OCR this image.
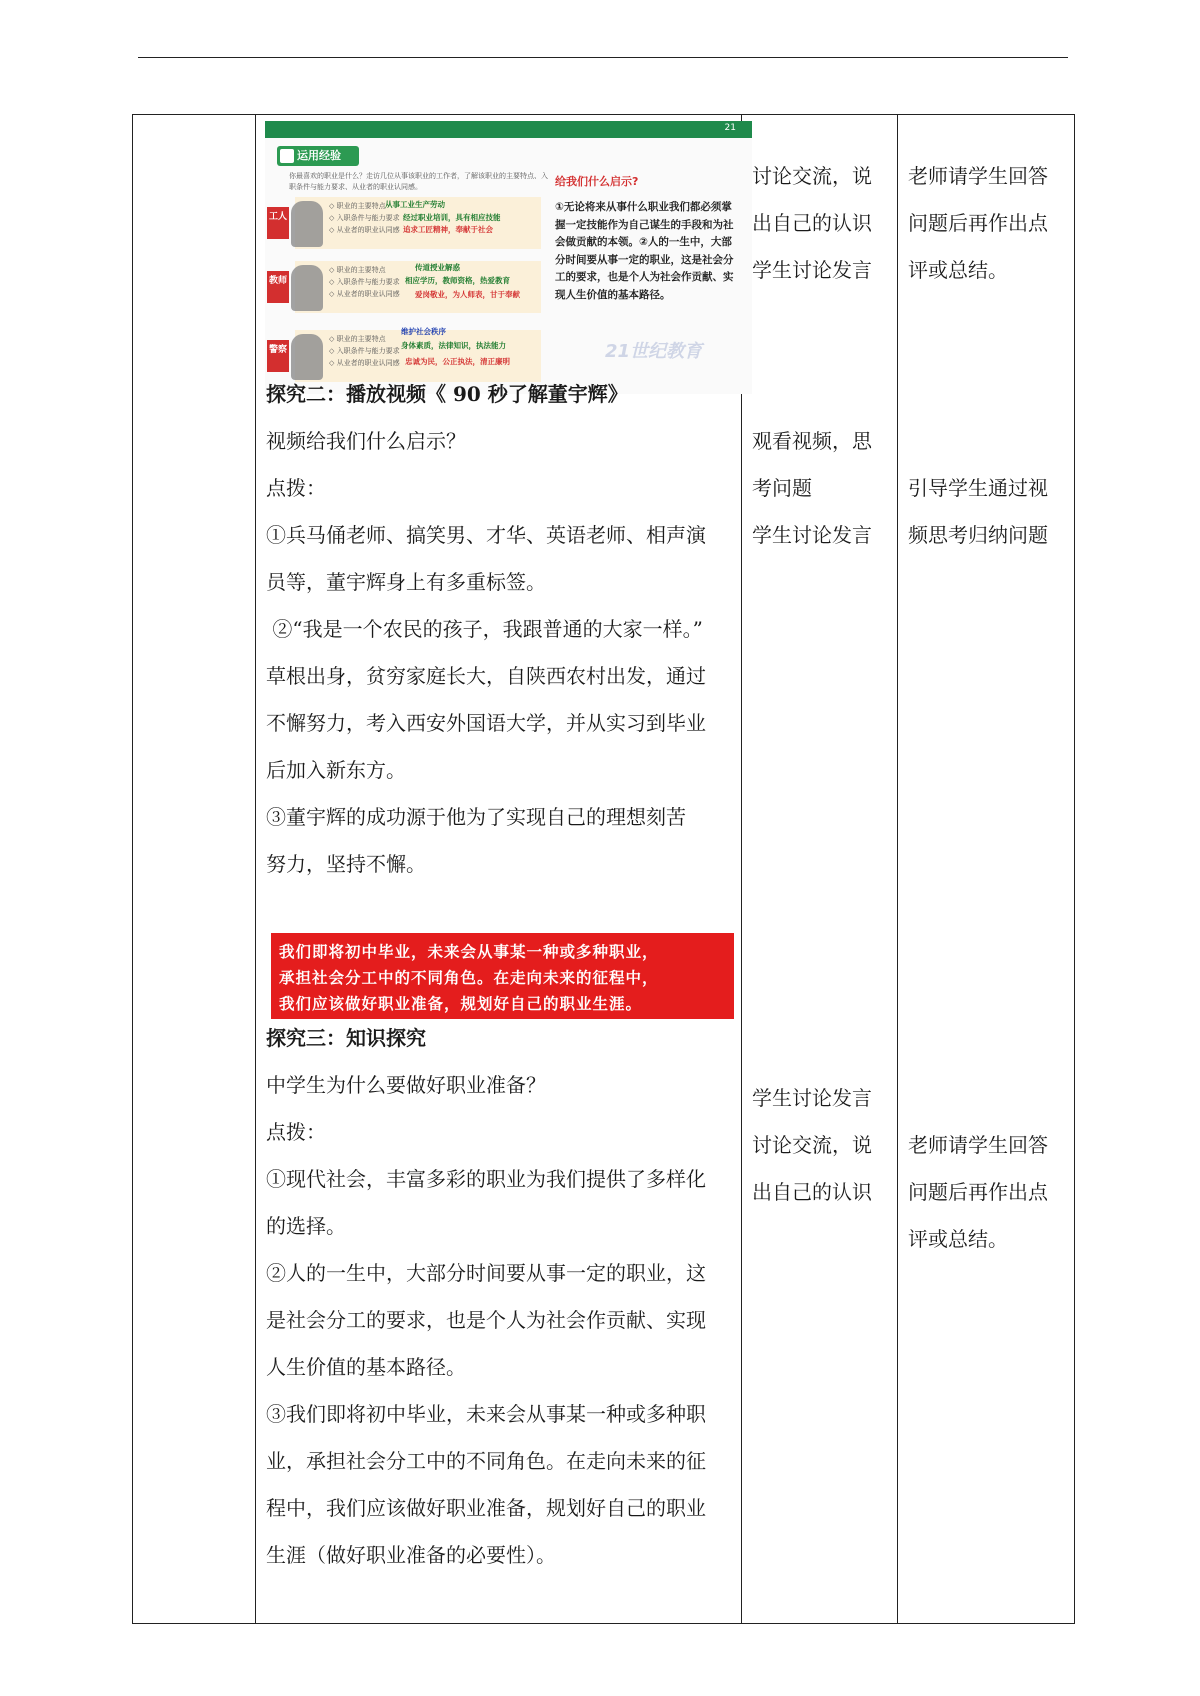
21
运用经验
你最喜欢的职业是什么？走访几位从事该职业的工作者，了解该职业的主要特点、入职条件与能力要求、从业者的职业认同感。
工人
◇ 职业的主要特点
◇ 入职条件与能力要求
◇ 从业者的职业认同感
从事工业生产劳动
经过职业培训，具有相应技能
追求工匠精神，奉献于社会
教师
◇ 职业的主要特点
◇ 入职条件与能力要求
◇ 从业者的职业认同感
传道授业解惑
相应学历，教师资格，热爱教育
爱岗敬业，为人师表，甘于奉献
警察
◇ 职业的主要特点
◇ 入职条件与能力要求
◇ 从业者的职业认同感
维护社会秩序
身体素质，法律知识，执法能力
忠诚为民，公正执法，清正廉明
给我们什么启示?
①无论将来从事什么职业我们都必须掌握一定技能作为自己谋生的手段和为社会做贡献的本领。②人的一生中，大部分时间要从事一定的职业，这是社会分工的要求，也是个人为社会作贡献、实现人生价值的基本路径。
21世纪教育
探究二：播放视频《 90 秒了解董宇辉》
视频给我们什么启示？
点拨：
①兵马俑老师、搞笑男、才华、英语老师、相声演
员等，董宇辉身上有多重标签。
②“我是一个农民的孩子，我跟普通的大家一样。”
草根出身，贫穷家庭长大，自陕西农村出发，通过
不懈努力，考入西安外国语大学，并从实习到毕业
后加入新东方。
③董宇辉的成功源于他为了实现自己的理想刻苦
努力，坚持不懈。
我们即将初中毕业，未来会从事某一种或多种职业，
承担社会分工中的不同角色。在走向未来的征程中，
我们应该做好职业准备，规划好自己的职业生涯。
探究三：知识探究
中学生为什么要做好职业准备？
点拨：
①现代社会，丰富多彩的职业为我们提供了多样化
的选择。
②人的一生中，大部分时间要从事一定的职业，这
是社会分工的要求，也是个人为社会作贡献、实现
人生价值的基本路径。
③我们即将初中毕业，未来会从事某一种或多种职
业，承担社会分工中的不同角色。在走向未来的征
程中，我们应该做好职业准备，规划好自己的职业
生涯（做好职业准备的必要性）。
讨论交流，说
出自己的认识
学生讨论发言
观看视频，思
考问题
学生讨论发言
学生讨论发言
讨论交流，说
出自己的认识
老师请学生回答
问题后再作出点
评或总结。
引导学生通过视
频思考归纳问题
老师请学生回答
问题后再作出点
评或总结。
